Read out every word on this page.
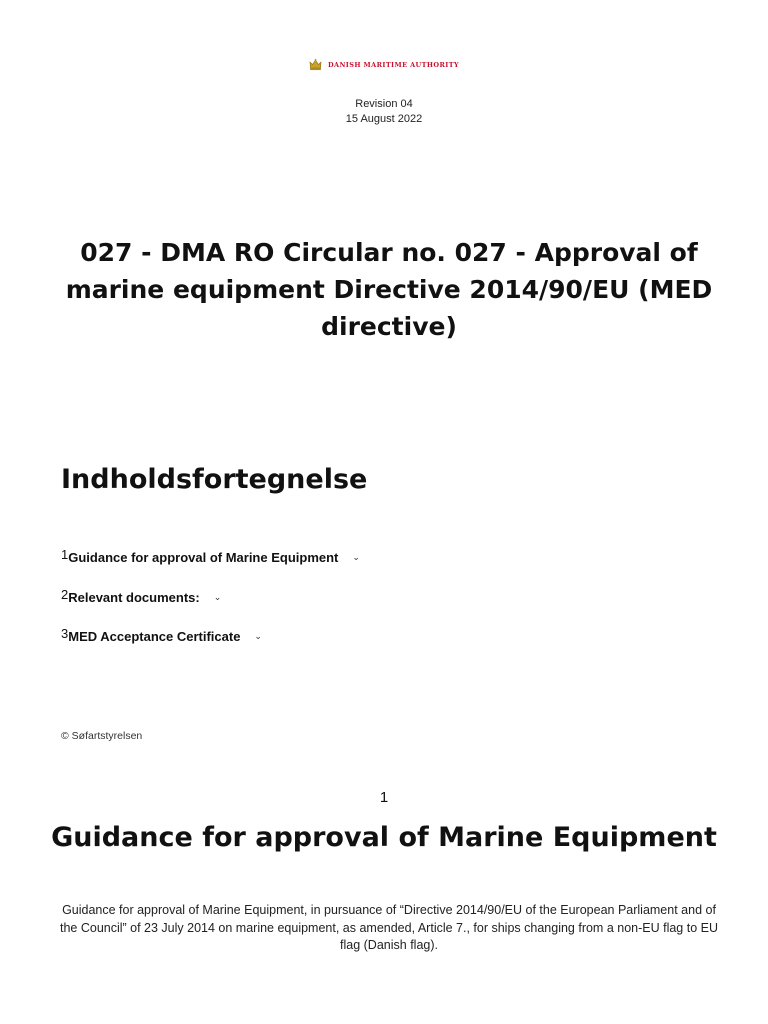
DANISH MARITIME AUTHORITY
Revision 04
15 August 2022
027 - DMA RO Circular no. 027 - Approval of marine equipment Directive 2014/90/EU (MED directive)
Indholdsfortegnelse
1 Guidance for approval of Marine Equipment ⌄
2 Relevant documents: ⌄
3 MED Acceptance Certificate ⌄
© Søfartstyrelsen
1
Guidance for approval of Marine Equipment

Guidance for approval of Marine Equipment, in pursuance of “Directive 2014/90/EU of the European Parliament and of the Council” of 23 July 2014 on marine equipment, as amended, Article 7., for ships changing from a non-EU flag to EU flag (Danish flag).
